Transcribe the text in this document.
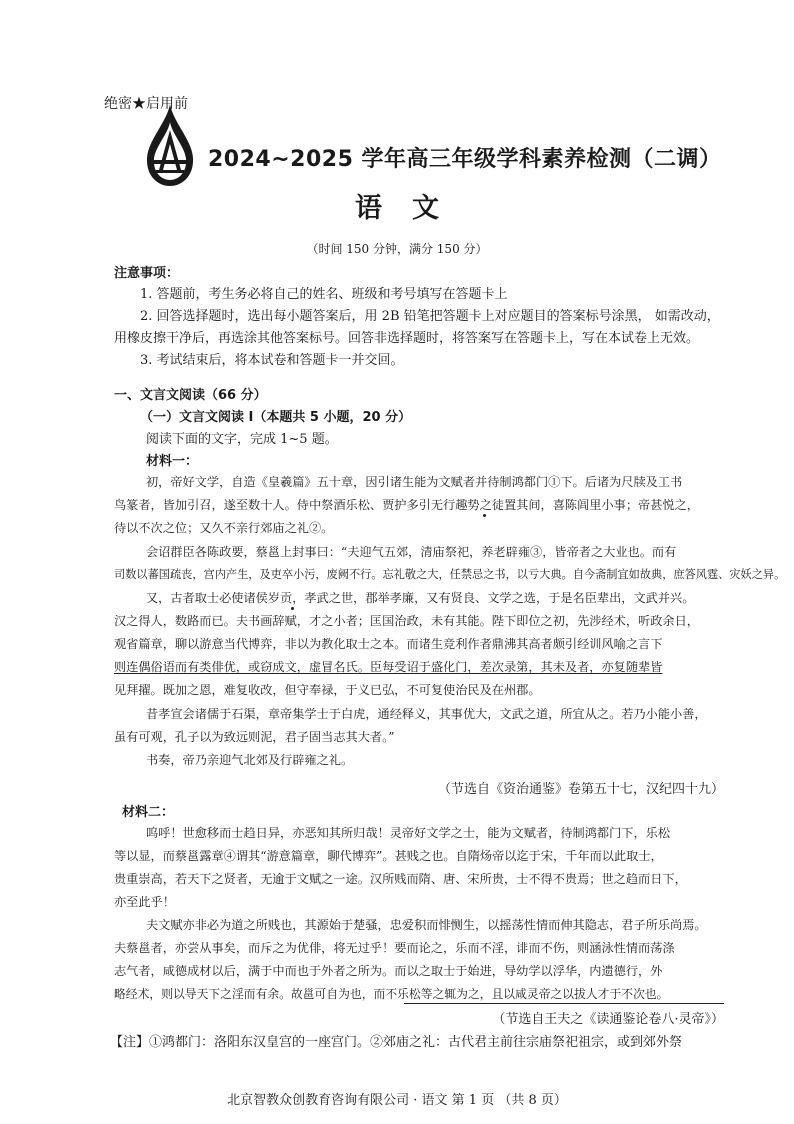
绝密★启用前
2024~2025 学年高三年级学科素养检测（二调）
语文
（时间 150 分钟，满分 150 分）
注意事项：
1. 答题前，考生务必将自己的姓名、班级和考号填写在答题卡上
2. 回答选择题时，选出每小题答案后，用 2B 铅笔把答题卡上对应题目的答案标号涂黑， 如需改动，
用橡皮擦干净后，再选涂其他答案标号。回答非选择题时，将答案写在答题卡上，写在本试卷上无效。
3. 考试结束后，将本试卷和答题卡一并交回。
一、文言文阅读（66 分）
（一）文言文阅读 I（本题共 5 小题，20 分）
阅读下面的文字，完成 1~5 题。
材料一：
初，帝好文学，自造《皇羲篇》五十章，因引诸生能为文赋者并待制鸿都门①下。后诸为尺牍及工书
鸟篆者，皆加引召，遂至数十人。侍中祭酒乐松、贾护多引无行趣势之徒置其间，喜陈闾里小事；帝甚悦之，
待以不次之位；又久不亲行郊庙之礼②。
会诏群臣各陈政要，蔡邕上封事曰：“夫迎气五郊，清庙祭祀，养老辟雍③，皆帝者之大业也。而有
司数以蕃国疏丧，宫内产生，及吏卒小污，废阙不行。忘礼敬之大，任禁忌之书，以亏大典。自今斋制宜如故典，庶答风霆、灾妖之异。
又，古者取士必使诸侯岁贡，孝武之世，郡举孝廉，又有贤良、文学之选，于是名臣辈出，文武并兴。
汉之得人，数路而已。夫书画辞赋，才之小者；匡国治政，未有其能。陛下即位之初，先涉经术，听政余日，
观省篇章，聊以游意当代博弈，非以为教化取士之本。而诸生竞利作者鼎沸其高者颇引经训风喻之言下
则连偶俗语而有类俳优，或窃成文，虚冒名氏。臣每受诏于盛化门，差次录第，其未及者，亦复随辈皆
见拜擢。既加之恩，难复收改，但守奉禄，于义已弘，不可复使治民及在州郡。
昔孝宣会诸儒于石渠，章帝集学士于白虎，通经释义，其事优大，文武之道，所宜从之。若乃小能小善，
虽有可观，孔子以为致远则泥，君子固当志其大者。”
书奏，帝乃亲迎气北郊及行辟雍之礼。
（节选自《资治通鉴》卷第五十七，汉纪四十九）
材料二：
呜呼！世愈移而士趋日异，亦恶知其所归哉！灵帝好文学之士，能为文赋者，待制鸿都门下，乐松
等以显，而蔡邕露章④谓其“游意篇章，聊代博弈”。甚贱之也。自隋炀帝以迄于宋，千年而以此取士，
贵重崇高，若天下之贤者，无逾于文赋之一途。汉所贱而隋、唐、宋所贵，士不得不贵焉；世之趋而日下，
亦至此乎！
夫文赋亦非必为道之所贱也，其源始于楚骚，忠爱积而悱恻生，以摇荡性情而伸其隐志，君子所乐尚焉。
夫蔡邕者，亦尝从事矣，而斥之为优俳，将无过乎！要而论之，乐而不淫，诽而不伤，则涵泳性情而荡涤
志气者，咸德成材以后，满于中而也于外者之所为。而以之取士于始进，导幼学以浮华，内遗德行，外
略经术，则以导天下之淫而有余。故邕可自为也，而不乐松等之辄为之，且以咸灵帝之以拔人才于不次也。
（节选自王夫之《读通鉴论卷八·灵帝》）
【注】①鸿都门：洛阳东汉皇宫的一座宫门。②郊庙之礼：古代君主前往宗庙祭祀祖宗，或到郊外祭
北京智教众创教育咨询有限公司 · 语文 第 1 页 （共 8 页）
